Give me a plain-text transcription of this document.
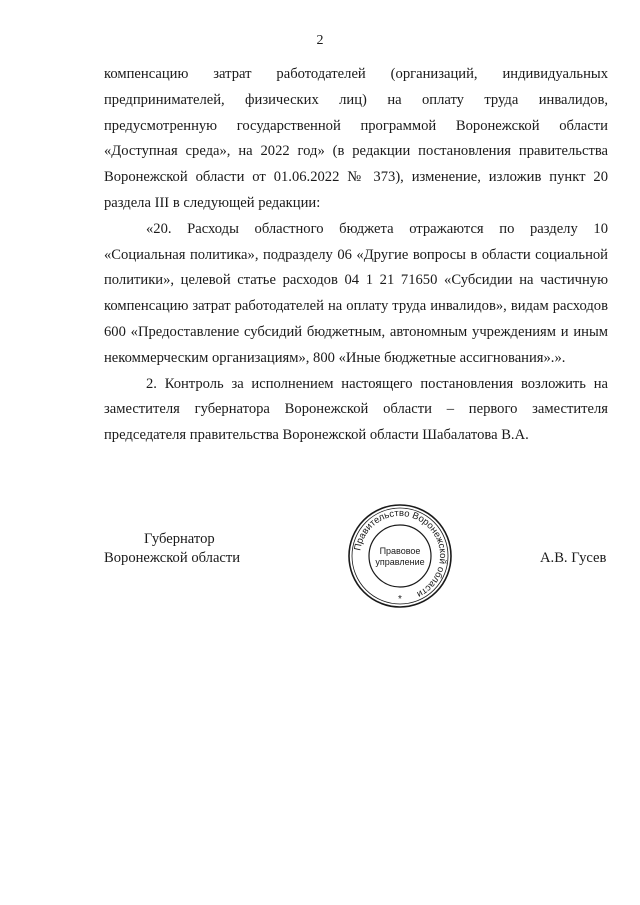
2

компенсацию затрат работодателей (организаций, индивидуальных предпринимателей, физических лиц) на оплату труда инвалидов, предусмотренную государственной программой Воронежской области «Доступная среда», на 2022 год» (в редакции постановления правительства Воронежской области от 01.06.2022 № 373), изменение, изложив пункт 20 раздела III в следующей редакции:

«20. Расходы областного бюджета отражаются по разделу 10 «Социальная политика», подразделу 06 «Другие вопросы в области социальной политики», целевой статье расходов 04 1 21 71650 «Субсидии на частичную компенсацию затрат работодателей на оплату труда инвалидов», видам расходов 600 «Предоставление субсидий бюджетным, автономным учреждениям и иным некоммерческим организациям», 800 «Иные бюджетные ассигнования».».

2. Контроль за исполнением настоящего постановления возложить на заместителя губернатора Воронежской области – первого заместителя председателя правительства Воронежской области Шабалатова В.А.

Губернатор
Воронежской области
Правительство Воронежской области
Правовое
управление
*
А.В. Гусев
